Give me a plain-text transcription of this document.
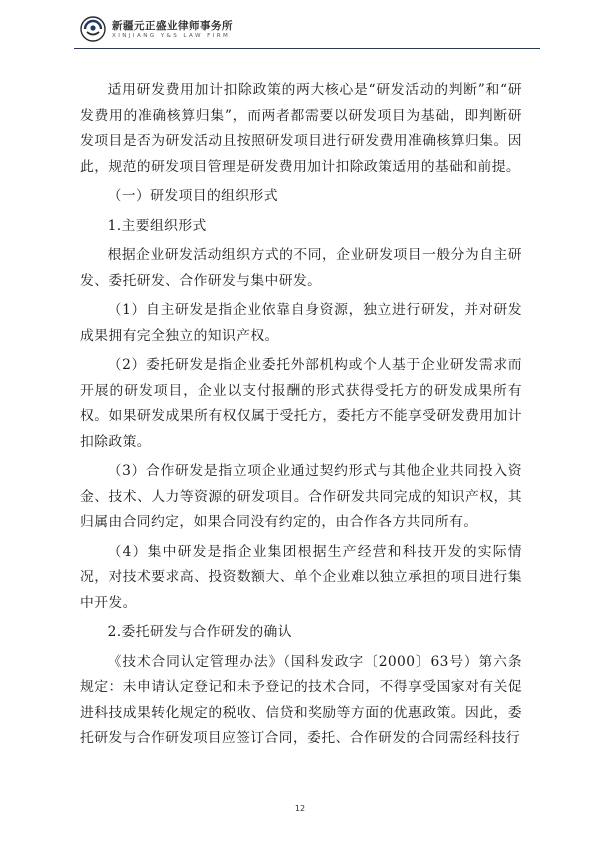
新疆元正盛业律师事务所
XINJIANG Y&S LAW FIRM

适用研发费用加计扣除政策的两大核心是“研发活动的判断”和“研发费用的准确核算归集”，而两者都需要以研发项目为基础，即判断研发项目是否为研发活动且按照研发项目进行研发费用准确核算归集。因此，规范的研发项目管理是研发费用加计扣除政策适用的基础和前提。

（一）研发项目的组织形式

1.主要组织形式

根据企业研发活动组织方式的不同，企业研发项目一般分为自主研发、委托研发、合作研发与集中研发。

（1）自主研发是指企业依靠自身资源，独立进行研发，并对研发成果拥有完全独立的知识产权。

（2）委托研发是指企业委托外部机构或个人基于企业研发需求而开展的研发项目，企业以支付报酬的形式获得受托方的研发成果所有权。如果研发成果所有权仅属于受托方，委托方不能享受研发费用加计扣除政策。

（3）合作研发是指立项企业通过契约形式与其他企业共同投入资金、技术、人力等资源的研发项目。合作研发共同完成的知识产权，其归属由合同约定，如果合同没有约定的，由合作各方共同所有。

（4）集中研发是指企业集团根据生产经营和科技开发的实际情况，对技术要求高、投资数额大、单个企业难以独立承担的项目进行集中开发。

2.委托研发与合作研发的确认

《技术合同认定管理办法》（国科发政字〔2000〕63号）第六条规定：未申请认定登记和未予登记的技术合同，不得享受国家对有关促进科技成果转化规定的税收、信贷和奖励等方面的优惠政策。因此，委托研发与合作研发项目应签订合同，委托、合作研发的合同需经科技行

12
